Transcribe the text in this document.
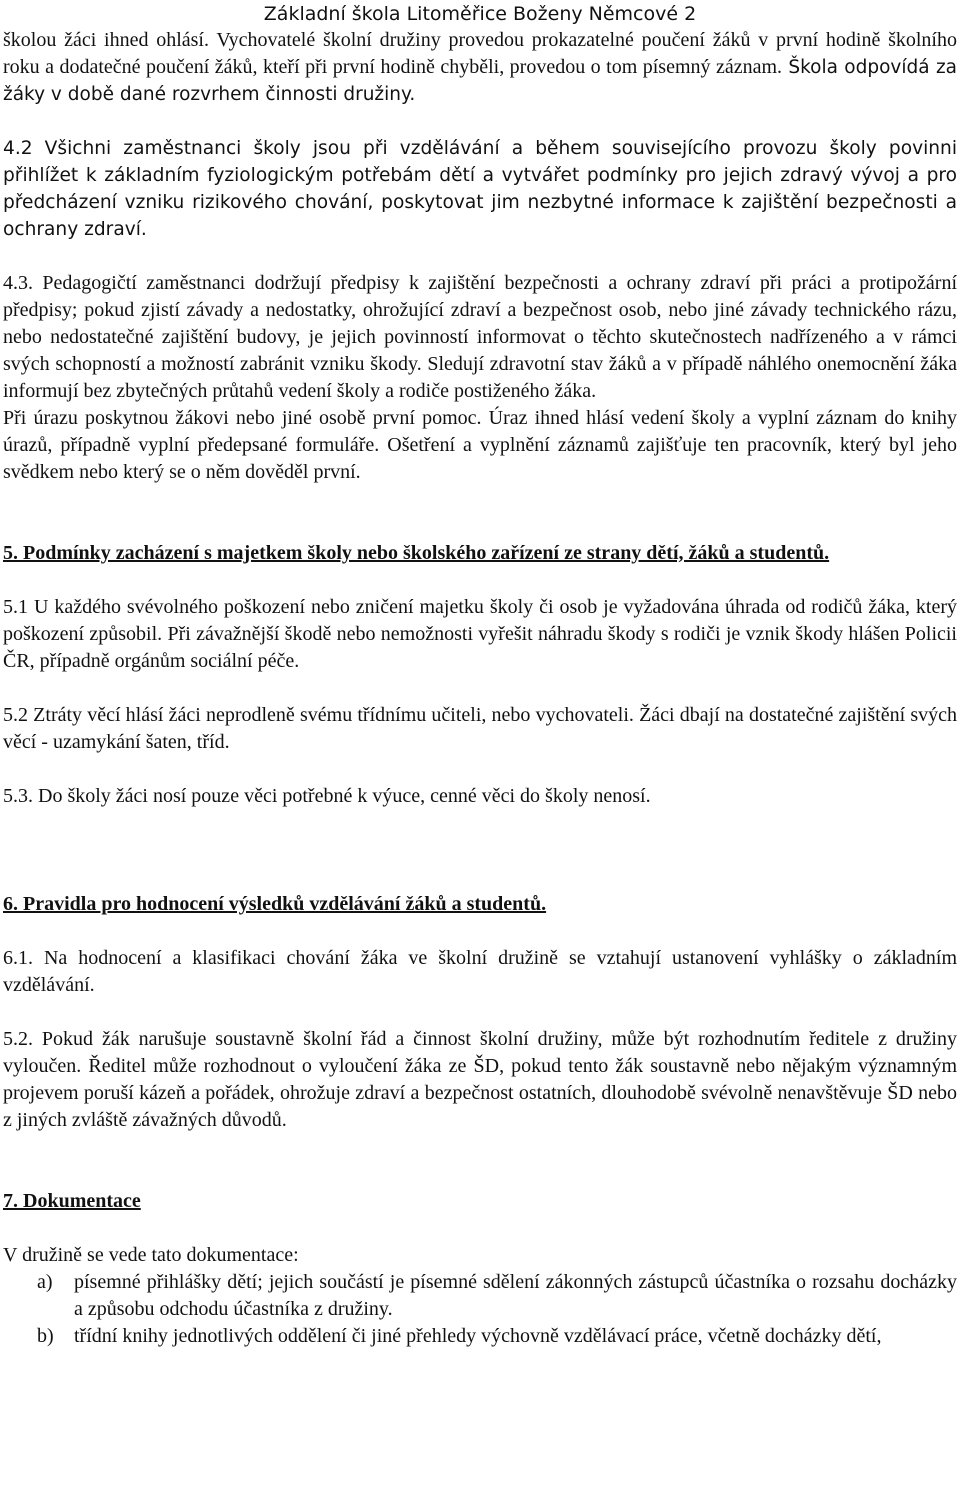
Základní škola Litoměřice Boženy Němcové 2

školou žáci ihned ohlásí. Vychovatelé školní družiny provedou prokazatelné poučení žáků v první hodině školního roku a dodatečné poučení žáků, kteří při první hodině chyběli, provedou o tom písemný záznam. Škola odpovídá za žáky v době dané rozvrhem činnosti družiny.

4.2 Všichni zaměstnanci školy jsou při vzdělávání a během souvisejícího provozu školy povinni přihlížet k základním fyziologickým potřebám dětí a vytvářet podmínky pro jejich zdravý vývoj a pro předcházení vzniku rizikového chování, poskytovat jim nezbytné informace k zajištění bezpečnosti a ochrany zdraví.

4.3. Pedagogičtí zaměstnanci dodržují předpisy k zajištění bezpečnosti a ochrany zdraví při práci a protipožární předpisy; pokud zjistí závady a nedostatky, ohrožující zdraví a bezpečnost osob, nebo jiné závady technického rázu, nebo nedostatečné zajištění budovy, je jejich povinností informovat o těchto skutečnostech nadřízeného a v rámci svých schopností a možností zabránit vzniku škody. Sledují zdravotní stav žáků a v případě náhlého onemocnění žáka informují bez zbytečných průtahů vedení školy a rodiče postiženého žáka.

Při úrazu poskytnou žákovi nebo jiné osobě první pomoc. Úraz ihned hlásí vedení školy a vyplní záznam do knihy úrazů, případně vyplní předepsané formuláře. Ošetření a vyplnění záznamů zajišťuje ten pracovník, který byl jeho svědkem nebo který se o něm dověděl první.

5. Podmínky zacházení s majetkem školy nebo školského zařízení ze strany dětí, žáků a studentů.

5.1 U každého svévolného poškození nebo zničení majetku školy či osob je vyžadována úhrada od rodičů žáka, který poškození způsobil. Při závažnější škodě nebo nemožnosti vyřešit náhradu škody s rodiči je vznik škody hlášen Policii ČR, případně orgánům sociální péče.

5.2 Ztráty věcí hlásí žáci neprodleně svému třídnímu učiteli, nebo vychovateli. Žáci dbají na dostatečné zajištění svých věcí - uzamykání šaten, tříd.

5.3. Do školy žáci nosí pouze věci potřebné k výuce, cenné věci do školy nenosí.

6. Pravidla pro hodnocení výsledků vzdělávání žáků a studentů.

6.1. Na hodnocení a klasifikaci chování žáka ve školní družině se vztahují ustanovení vyhlášky o základním vzdělávání.

5.2. Pokud žák narušuje soustavně školní řád a činnost školní družiny, může být rozhodnutím ředitele z družiny vyloučen. Ředitel může rozhodnout o vyloučení žáka ze ŠD, pokud tento žák soustavně nebo nějakým významným projevem poruší kázeň a pořádek, ohrožuje zdraví a bezpečnost ostatních, dlouhodobě svévolně nenavštěvuje ŠD nebo z jiných zvláště závažných důvodů.

7. Dokumentace

V družině se vede tato dokumentace:

a)	písemné přihlášky dětí; jejich součástí je písemné sdělení zákonných zástupců účastníka o rozsahu docházky a způsobu odchodu účastníka z družiny.
b)	třídní knihy jednotlivých oddělení či jiné přehledy výchovně vzdělávací práce, včetně docházky dětí,
